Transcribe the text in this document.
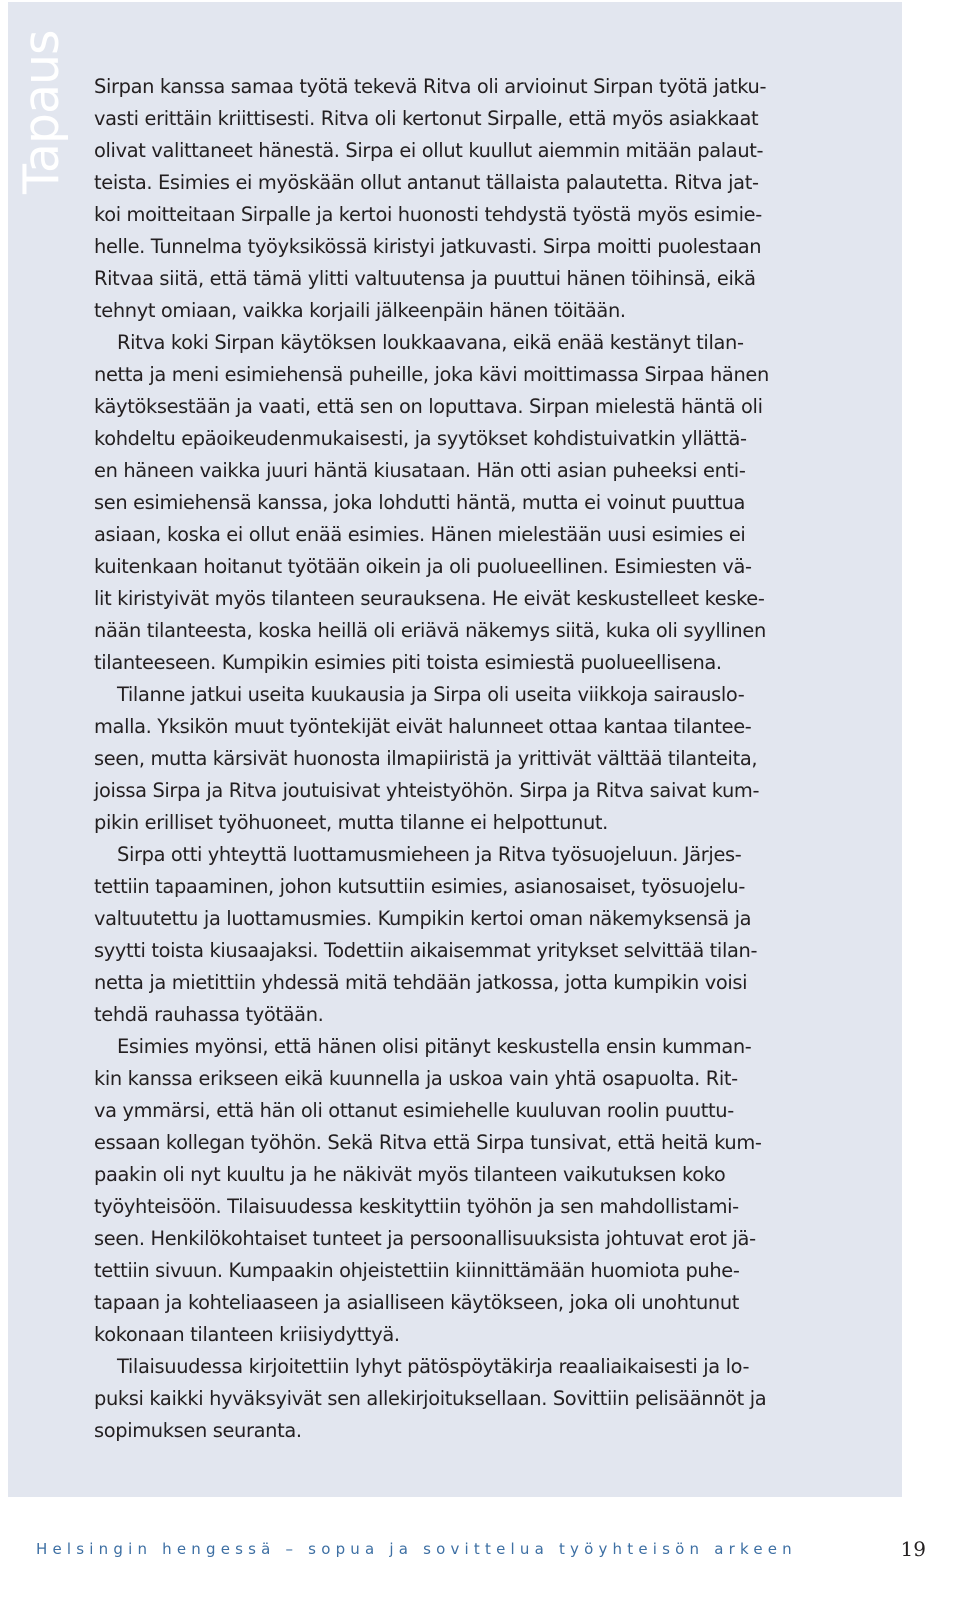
Tapaus Sirpan kanssa samaa työtä tekevä Ritva oli arvioinut Sirpan työtä jatku-
vasti erittäin kriittisesti. Ritva oli kertonut Sirpalle, että myös asiakkaat
olivat valittaneet hänestä. Sirpa ei ollut kuullut aiemmin mitään palaut-
teista. Esimies ei myöskään ollut antanut tällaista palautetta. Ritva jat-
koi moitteitaan Sirpalle ja kertoi huonosti tehdystä työstä myös esimie-
helle. Tunnelma työyksikössä kiristyi jatkuvasti. Sirpa moitti puolestaan
Ritvaa siitä, että tämä ylitti valtuutensa ja puuttui hänen töihinsä, eikä
tehnyt omiaan, vaikka korjaili jälkeenpäin hänen töitään.
Ritva koki Sirpan käytöksen loukkaavana, eikä enää kestänyt tilan-
netta ja meni esimiehensä puheille, joka kävi moittimassa Sirpaa hänen
käytöksestään ja vaati, että sen on loputtava. Sirpan mielestä häntä oli
kohdeltu epäoikeudenmukaisesti, ja syytökset kohdistuivatkin yllättä-
en häneen vaikka juuri häntä kiusataan. Hän otti asian puheeksi enti-
sen esimiehensä kanssa, joka lohdutti häntä, mutta ei voinut puuttua
asiaan, koska ei ollut enää esimies. Hänen mielestään uusi esimies ei
kuitenkaan hoitanut työtään oikein ja oli puolueellinen. Esimiesten vä-
lit kiristyivät myös tilanteen seurauksena. He eivät keskustelleet keske-
nään tilanteesta, koska heillä oli eriävä näkemys siitä, kuka oli syyllinen
tilanteeseen. Kumpikin esimies piti toista esimiestä puolueellisena.
Tilanne jatkui useita kuukausia ja Sirpa oli useita viikkoja sairauslo-
malla. Yksikön muut työntekijät eivät halunneet ottaa kantaa tilantee-
seen, mutta kärsivät huonosta ilmapiiristä ja yrittivät välttää tilanteita,
joissa Sirpa ja Ritva joutuisivat yhteistyöhön. Sirpa ja Ritva saivat kum-
pikin erilliset työhuoneet, mutta tilanne ei helpottunut.
Sirpa otti yhteyttä luottamusmieheen ja Ritva työsuojeluun. Järjes-
tettiin tapaaminen, johon kutsuttiin esimies, asianosaiset, työsuojelu-
valtuutettu ja luottamusmies. Kumpikin kertoi oman näkemyksensä ja
syytti toista kiusaajaksi. Todettiin aikaisemmat yritykset selvittää tilan-
netta ja mietittiin yhdessä mitä tehdään jatkossa, jotta kumpikin voisi
tehdä rauhassa työtään.
Esimies myönsi, että hänen olisi pitänyt keskustella ensin kumman-
kin kanssa erikseen eikä kuunnella ja uskoa vain yhtä osapuolta. Rit-
va ymmärsi, että hän oli ottanut esimiehelle kuuluvan roolin puuttu-
essaan kollegan työhön. Sekä Ritva että Sirpa tunsivat, että heitä kum-
paakin oli nyt kuultu ja he näkivät myös tilanteen vaikutuksen koko
työyhteisöön. Tilaisuudessa keskityttiin työhön ja sen mahdollistami-
seen. Henkilökohtaiset tunteet ja persoonallisuuksista johtuvat erot jä-
tettiin sivuun. Kumpaakin ohjeistettiin kiinnittämään huomiota puhe-
tapaan ja kohteliaaseen ja asialliseen käytökseen, joka oli unohtunut
kokonaan tilanteen kriisiydyttyä.
Tilaisuudessa kirjoitettiin lyhyt pätöspöytäkirja reaaliaikaisesti ja lo-
puksi kaikki hyväksyivät sen allekirjoituksellaan. Sovittiin pelisäännöt ja
sopimuksen seuranta.
Helsingin hengessä – sopua ja sovittelua työyhteisön arkeen	19
